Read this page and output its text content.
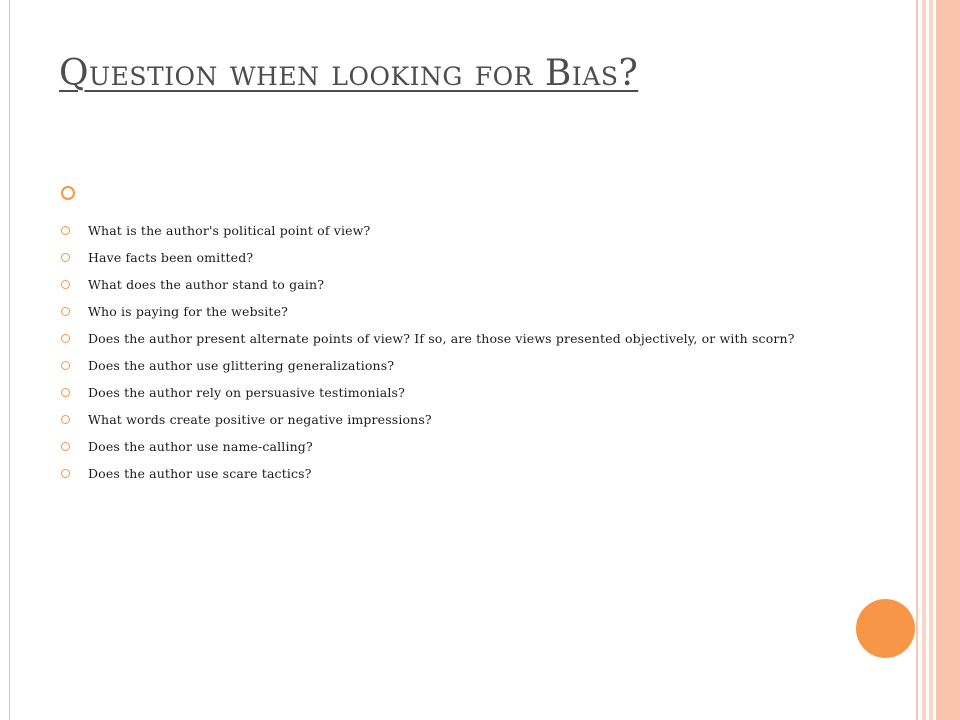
Question when looking for Bias?
What is the author's political point of view?
Have facts been omitted?
What does the author stand to gain?
Who is paying for the website?
Does the author present alternate points of view? If so, are those views presented objectively, or with scorn?
Does the author use glittering generalizations?
Does the author rely on persuasive testimonials?
What words create positive or negative impressions?
Does the author use name-calling?
Does the author use scare tactics?
